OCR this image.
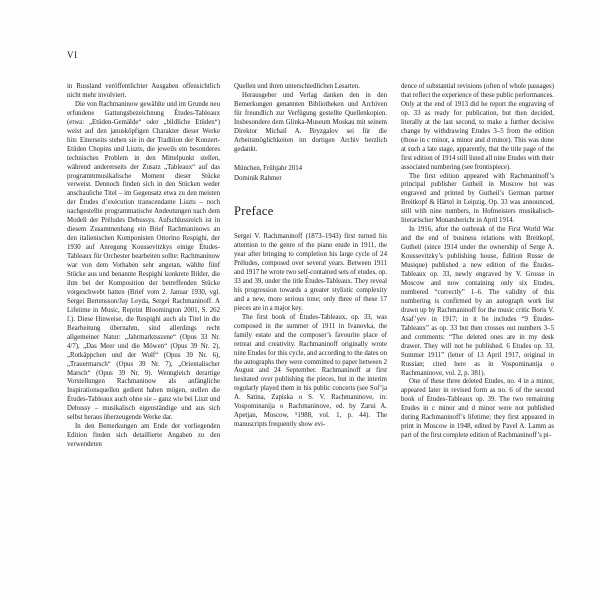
VI

in Russland veröffentlichter Ausgaben offensichtlich nicht mehr involviert.

Die von Rachmaninow gewählte und im Grunde neu erfundene Gattungsbezeichnung Études-Tableaux (etwa: „Etüden-Gemälde“ oder „bildliche Etüden“) weist auf den janusköpfigen Charakter dieser Werke hin: Einerseits stehen sie in der Tradition der Konzert-Etüden Chopins und Liszts, die jeweils ein besonderes technisches Problem in den Mittelpunkt stellen, während andererseits der Zusatz „Tableaux“ auf das programmmusikalische Moment dieser Stücke verweist. Dennoch finden sich in den Stücken weder anschauliche Titel – im Gegensatz etwa zu den meisten der Études d’exécution transcendante Liszts – noch nachgestellte programmatische Andeutungen nach dem Modell der Préludes Debussys. Aufschlussreich ist in diesem Zusammenhang ein Brief Rachmaninows an den italienischen Komponisten Ottorino Respighi, der 1930 auf Anregung Koussevitzkys einige Études-Tableaux für Orchester bearbeiten sollte: Rachmaninow war von dem Vorhaben sehr angetan, wählte fünf Stücke aus und benannte Respighi konkrete Bilder, die ihm bei der Komposition der betreffenden Stücke vorgeschwebt hatten (Brief vom 2. Januar 1930, vgl. Sergei Bertensson/Jay Leyda, Sergei Rachmaninoff. A Lifetime in Music, Reprint Bloomington 2001, S. 262 f.). Diese Hinweise, die Respighi auch als Titel in die Bearbeitung übernahm, sind allerdings recht allgemeiner Natur: „Jahrmarktsszene“ (Opus 33 Nr. 4/7), „Das Meer und die Möwen“ (Opus 39 Nr. 2), „Rotkäppchen und der Wolf“ (Opus 39 Nr. 6), „Trauermarsch“ (Opus 39 Nr. 7), „Orientalischer Marsch“ (Opus 39 Nr. 9). Wenngleich derartige Vorstellungen Rachmaninow als anfängliche Inspirationsquellen gedient haben mögen, stellen die Études-Tableaux auch ohne sie – ganz wie bei Liszt und Debussy – musikalisch eigenständige und aus sich selbst heraus überzeugende Werke dar.

In den Bemerkungen am Ende der vorliegenden Edition finden sich detaillierte Angaben zu den verwendeten

Quellen und ihren unterschiedlichen Lesarten.

Herausgeber und Verlag danken den in den Bemerkungen genannten Bibliotheken und Archiven für freundlich zur Verfügung gestellte Quellenkopien. Insbesondere dem Glinka-Museum Moskau mit seinem Direktor Michail A. Bryzgalov sei für die Arbeitsmöglichkeiten im dortigen Archiv herzlich gedankt.

München, Frühjahr 2014
Dominik Rahmer
Preface

Sergei V. Rachmaninoff (1873–1943) first turned his attention to the genre of the piano etude in 1911, the year after bringing to completion his large cycle of 24 Préludes, composed over several years. Between 1911 and 1917 he wrote two self-contained sets of etudes, op. 33 and 39, under the title Études-Tableaux. They reveal his progression towards a greater stylistic complexity and a new, more serious tone; only three of these 17 pieces are in a major key.

The first book of Études-Tableaux, op. 33, was composed in the summer of 1911 in Ivanovka, the family estate and the composer’s favourite place of retreat and creativity. Rachmaninoff originally wrote nine Etudes for this cycle, and according to the dates on the autographs they were committed to paper between 2 August and 24 September. Rachmaninoff at first hesitated over publishing the pieces, but in the interim regularly played them in his public concerts (see Sof’ja A. Satina, Zapiska o S. V. Rachmaninove, in: Vospominanija o Rachmaninove, ed. by Zarui A. Apetjan, Moscow, ⁵1988, vol. 1, p. 44). The manuscripts frequently show evi-

dence of substantial revisions (often of whole passages) that reflect the experience of these public performances. Only at the end of 1913 did he report the engraving of op. 33 as ready for publication, but then decided, literally at the last second, to make a further decisive change by withdrawing Etudes 3–5 from the edition (those in c minor, a minor and d minor). This was done at such a late stage, apparently, that the title page of the first edition of 1914 still listed all nine Etudes with their associated numbering (see frontispiece).

The first edition appeared with Rachmaninoff’s principal publisher Gutheil in Moscow but was engraved and printed by Gutheil’s German partner Breitkopf & Härtel in Leipzig. Op. 33 was announced, still with nine numbers, in Hofmeisters musikalisch-literarischer Monatsbericht in April 1914.

In 1916, after the outbreak of the First World War and the end of business relations with Breitkopf, Gutheil (since 1914 under the ownership of Serge A. Koussevitzky’s publishing house, Édition Russe de Musique) published a new edition of the Études-Tableaux op. 33, newly engraved by V. Grosse in Moscow and now containing only six Etudes, numbered “correctly” 1–6. The validity of this numbering is confirmed by an autograph work list drawn up by Rachmaninoff for the music critic Boris V. Asaf’yev in 1917; in it he includes “9 Études-Tableaux” as op. 33 but then crosses out numbers 3–5 and comments: “The deleted ones are in my desk drawer. They will not be published. 6 Etudes op. 33, Summer 1911” (letter of 13 April 1917, original in Russian; cited here as in Vospominanija o Rachmaninove, vol. 2, p. 381).

One of these three deleted Etudes, no. 4 in a minor, appeared later in revised form as no. 6 of the second book of Études-Tableaux op. 39. The two remaining Etudes in c minor and d minor were not published during Rachmaninoff’s lifetime; they first appeared in print in Moscow in 1948, edited by Pavel A. Lamm as part of the first complete edition of Rachmaninoff’s pi-
